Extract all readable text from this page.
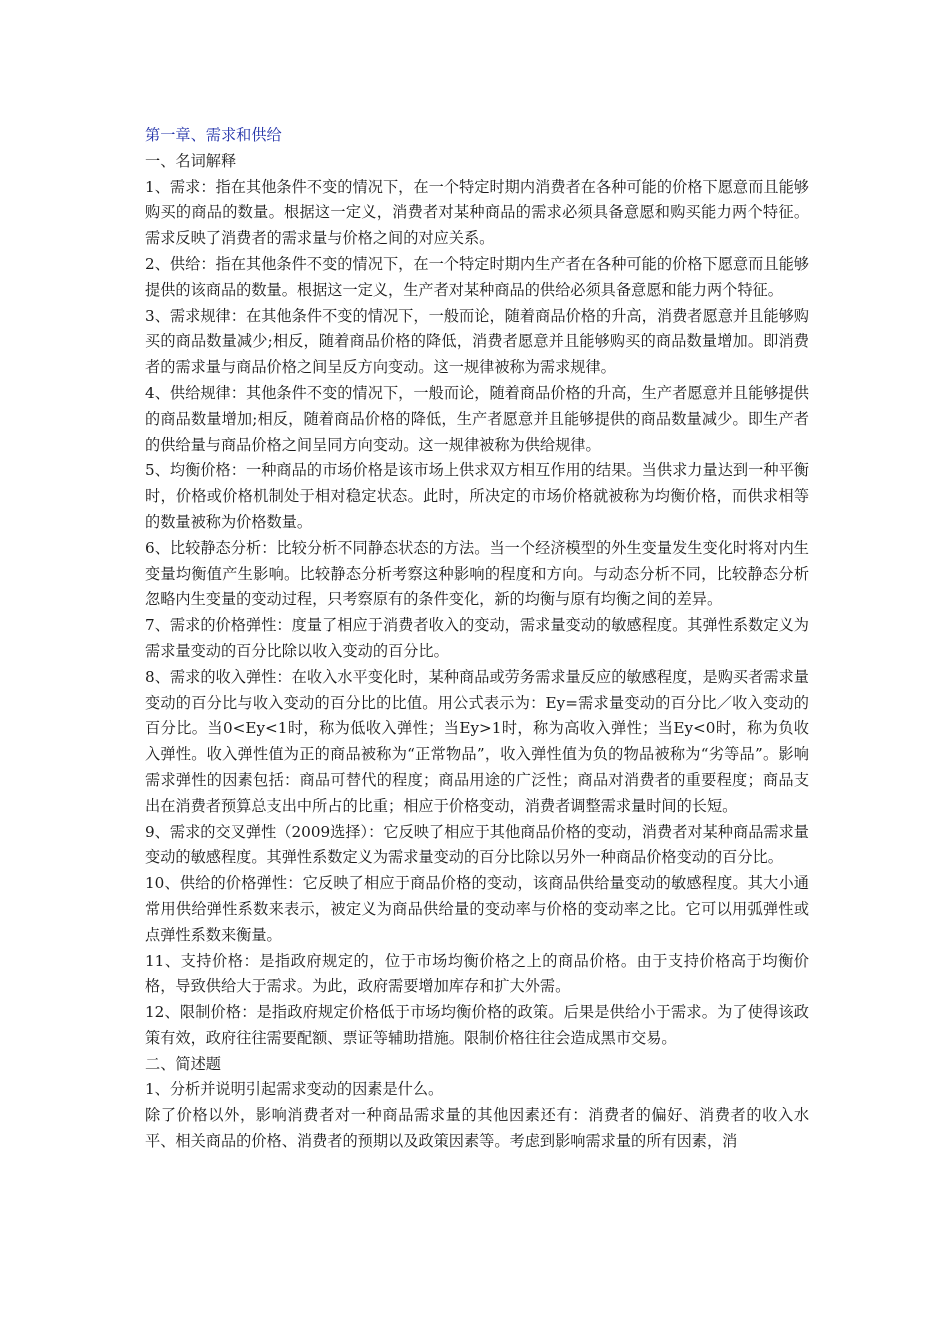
第一章、需求和供给

一、名词解释

1、需求：指在其他条件不变的情况下，在一个特定时期内消费者在各种可能的价格下愿意而且能够购买的商品的数量。根据这一定义，消费者对某种商品的需求必须具备意愿和购买能力两个特征。需求反映了消费者的需求量与价格之间的对应关系。

2、供给：指在其他条件不变的情况下，在一个特定时期内生产者在各种可能的价格下愿意而且能够提供的该商品的数量。根据这一定义，生产者对某种商品的供给必须具备意愿和能力两个特征。

3、需求规律：在其他条件不变的情况下，一般而论，随着商品价格的升高，消费者愿意并且能够购买的商品数量减少;相反，随着商品价格的降低，消费者愿意并且能够购买的商品数量增加。即消费者的需求量与商品价格之间呈反方向变动。这一规律被称为需求规律。

4、供给规律：其他条件不变的情况下，一般而论，随着商品价格的升高，生产者愿意并且能够提供的商品数量增加;相反，随着商品价格的降低，生产者愿意并且能够提供的商品数量减少。即生产者的供给量与商品价格之间呈同方向变动。这一规律被称为供给规律。

5、均衡价格：一种商品的市场价格是该市场上供求双方相互作用的结果。当供求力量达到一种平衡时，价格或价格机制处于相对稳定状态。此时，所决定的市场价格就被称为均衡价格，而供求相等的数量被称为价格数量。

6、比较静态分析：比较分析不同静态状态的方法。当一个经济模型的外生变量发生变化时将对内生变量均衡值产生影响。比较静态分析考察这种影响的程度和方向。与动态分析不同，比较静态分析忽略内生变量的变动过程，只考察原有的条件变化，新的均衡与原有均衡之间的差异。

7、需求的价格弹性：度量了相应于消费者收入的变动，需求量变动的敏感程度。其弹性系数定义为需求量变动的百分比除以收入变动的百分比。

8、需求的收入弹性：在收入水平变化时，某种商品或劳务需求量反应的敏感程度，是购买者需求量变动的百分比与收入变动的百分比的比值。用公式表示为：Ey=需求量变动的百分比／收入变动的百分比。当0<Ey<1时，称为低收入弹性；当Ey>1时，称为高收入弹性；当Ey<0时，称为负收入弹性。收入弹性值为正的商品被称为“正常物品”，收入弹性值为负的物品被称为“劣等品”。影响需求弹性的因素包括：商品可替代的程度；商品用途的广泛性；商品对消费者的重要程度；商品支出在消费者预算总支出中所占的比重；相应于价格变动，消费者调整需求量时间的长短。

9、需求的交叉弹性（2009选择）：它反映了相应于其他商品价格的变动，消费者对某种商品需求量变动的敏感程度。其弹性系数定义为需求量变动的百分比除以另外一种商品价格变动的百分比。

10、供给的价格弹性：它反映了相应于商品价格的变动，该商品供给量变动的敏感程度。其大小通常用供给弹性系数来表示，被定义为商品供给量的变动率与价格的变动率之比。它可以用弧弹性或点弹性系数来衡量。

11、支持价格：是指政府规定的，位于市场均衡价格之上的商品价格。由于支持价格高于均衡价格，导致供给大于需求。为此，政府需要增加库存和扩大外需。

12、限制价格：是指政府规定价格低于市场均衡价格的政策。后果是供给小于需求。为了使得该政策有效，政府往往需要配额、票证等辅助措施。限制价格往往会造成黑市交易。

二、简述题

1、分析并说明引起需求变动的因素是什么。

除了价格以外，影响消费者对一种商品需求量的其他因素还有：消费者的偏好、消费者的收入水平、相关商品的价格、消费者的预期以及政策因素等。考虑到影响需求量的所有因素，消
